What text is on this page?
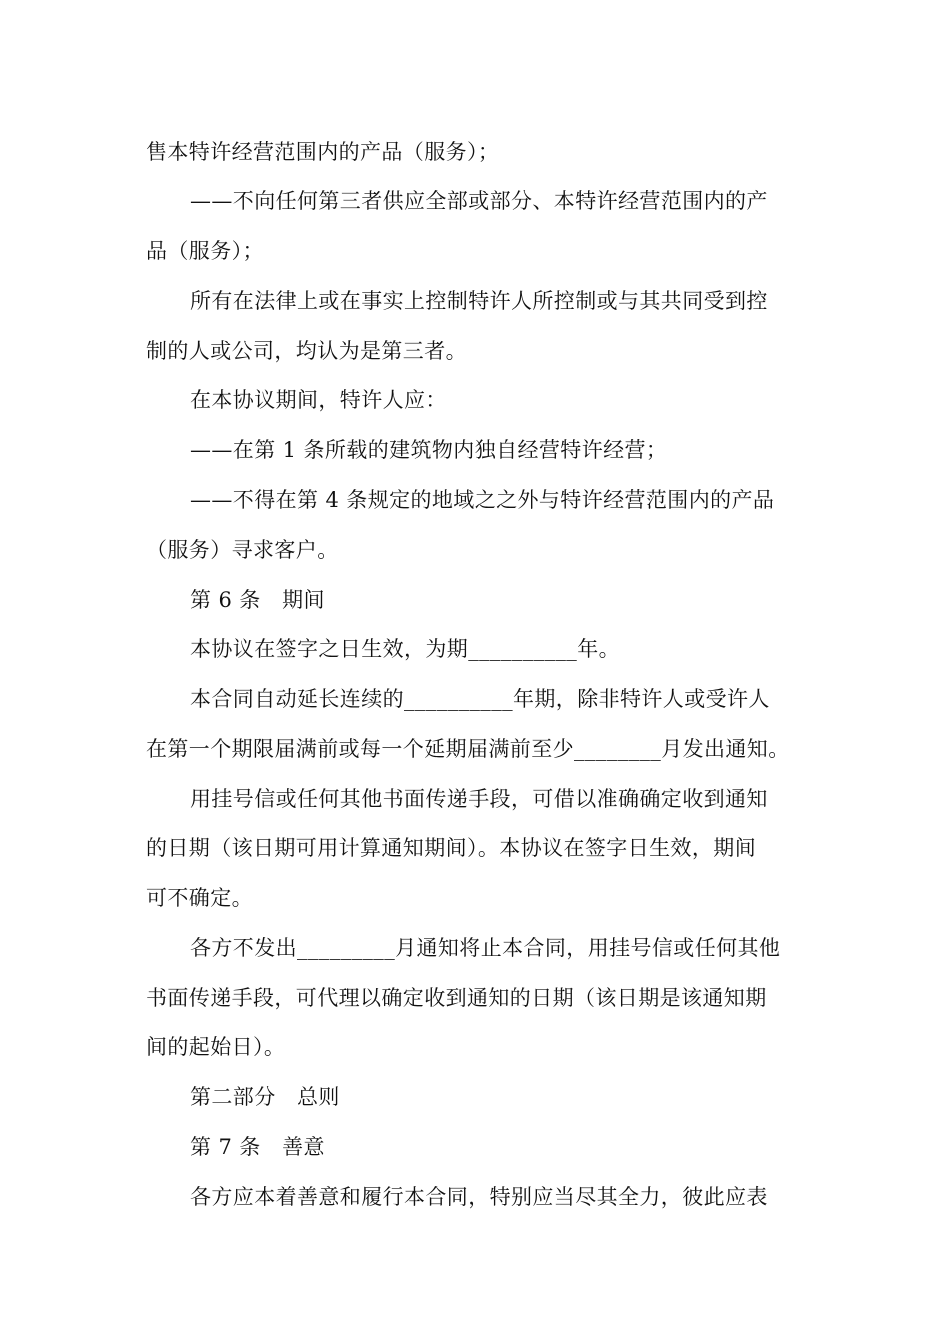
售本特许经营范围内的产品（服务）；
——不向任何第三者供应全部或部分、本特许经营范围内的产
品（服务）；
所有在法律上或在事实上控制特许人所控制或与其共同受到控
制的人或公司，均认为是第三者。
在本协议期间，特许人应：
——在第 1 条所载的建筑物内独自经营特许经营；
——不得在第 4 条规定的地域之之外与特许经营范围内的产品
（服务）寻求客户。
第 6 条　期间
本协议在签字之日生效，为期__________年。
本合同自动延长连续的__________年期，除非特许人或受许人
在第一个期限届满前或每一个延期届满前至少________月发出通知。
用挂号信或任何其他书面传递手段，可借以准确确定收到通知
的日期（该日期可用计算通知期间）。本协议在签字日生效，期间
可不确定。
各方不发出_________月通知将止本合同，用挂号信或任何其他
书面传递手段，可代理以确定收到通知的日期（该日期是该通知期
间的起始日）。
第二部分　总则
第 7 条　善意
各方应本着善意和履行本合同，特别应当尽其全力，彼此应表
